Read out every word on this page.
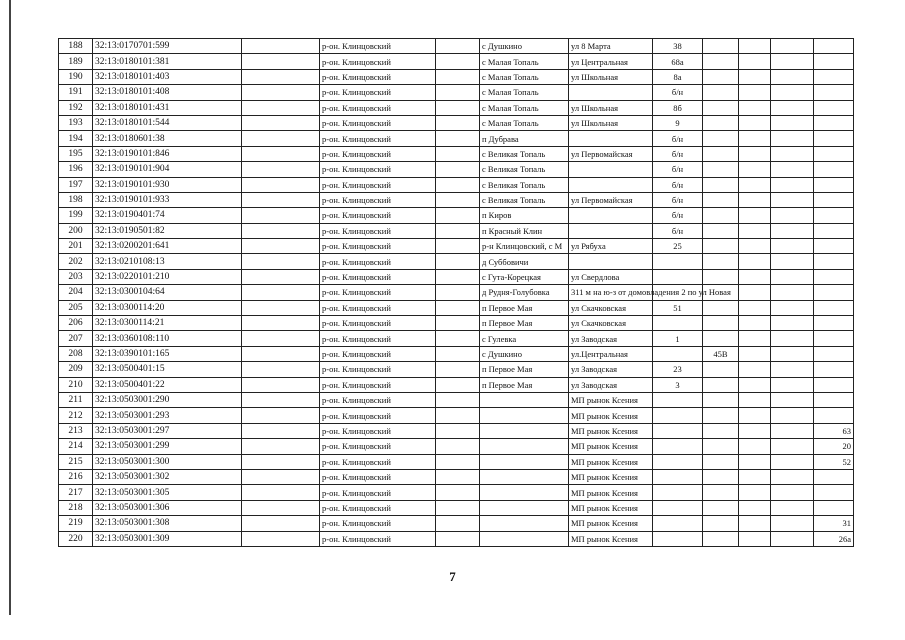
188	32:13:0170701:599		р-он. Клинцовский		с Душкино	ул 8 Марта	38				
189	32:13:0180101:381		р-он. Клинцовский		с Малая Топаль	ул Центральная	68а				
190	32:13:0180101:403		р-он. Клинцовский		с Малая Топаль	ул Школьная	8а				
191	32:13:0180101:408		р-он. Клинцовский		с Малая Топаль		б/н				
192	32:13:0180101:431		р-он. Клинцовский		с Малая Топаль	ул Школьная	8б				
193	32:13:0180101:544		р-он. Клинцовский		с Малая Топаль	ул Школьная	9				
194	32:13:0180601:38		р-он. Клинцовский		п Дубрава		б/н				
195	32:13:0190101:846		р-он. Клинцовский		с Великая Топаль	ул Первомайская	б/н				
196	32:13:0190101:904		р-он. Клинцовский		с Великая Топаль		б/н				
197	32:13:0190101:930		р-он. Клинцовский		с Великая Топаль		б/н				
198	32:13:0190101:933		р-он. Клинцовский		с Великая Топаль	ул Первомайская	б/н				
199	32:13:0190401:74		р-он. Клинцовский		п Киров		б/н				
200	32:13:0190501:82		р-он. Клинцовский		п Красный Клин		б/н				
201	32:13:0200201:641		р-он. Клинцовский		р-н Клинцовский, с М	ул Рябуха	25				
202	32:13:0210108:13		р-он. Клинцовский		д Суббовичи						
203	32:13:0220101:210		р-он. Клинцовский		с Гута-Корецкая	ул Свердлова					
204	32:13:0300104:64		р-он. Клинцовский		д Рудня-Голубовка	311 м на ю-з от домовладения 2 по ул Новая					
205	32:13:0300114:20		р-он. Клинцовский		п Первое Мая	ул Скачковская	51				
206	32:13:0300114:21		р-он. Клинцовский		п Первое Мая	ул Скачковская					
207	32:13:0360108:110		р-он. Клинцовский		с Гулевка	ул Заводская	1				
208	32:13:0390101:165		р-он. Клинцовский		с Душкино	ул.Центральная		45В			
209	32:13:0500401:15		р-он. Клинцовский		п Первое Мая	ул Заводская	23				
210	32:13:0500401:22		р-он. Клинцовский		п Первое Мая	ул Заводская	3				
211	32:13:0503001:290		р-он. Клинцовский			МП рынок Ксения					
212	32:13:0503001:293		р-он. Клинцовский			МП рынок Ксения					
213	32:13:0503001:297		р-он. Клинцовский			МП рынок Ксения					63
214	32:13:0503001:299		р-он. Клинцовский			МП рынок Ксения					20
215	32:13:0503001:300		р-он. Клинцовский			МП рынок Ксения					52
216	32:13:0503001:302		р-он. Клинцовский			МП рынок Ксения					
217	32:13:0503001:305		р-он. Клинцовский			МП рынок Ксения					
218	32:13:0503001:306		р-он. Клинцовский			МП рынок Ксения					
219	32:13:0503001:308		р-он. Клинцовский			МП рынок Ксения					31
220	32:13:0503001:309		р-он. Клинцовский			МП рынок Ксения					26а
7
